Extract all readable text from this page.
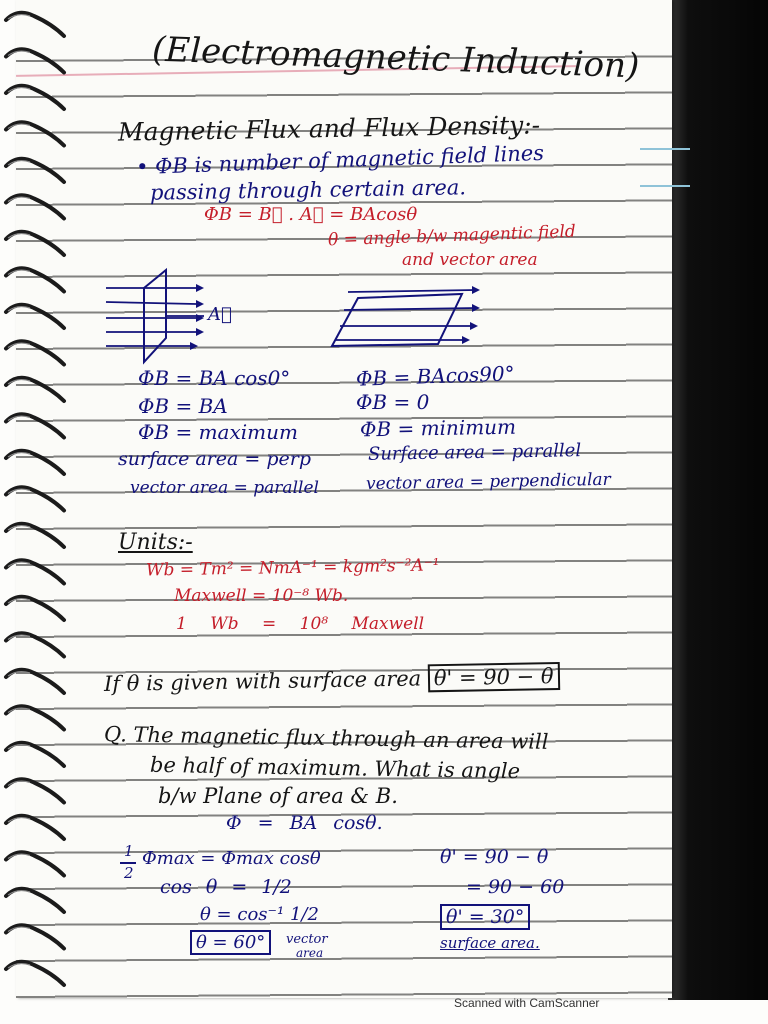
(Electromagnetic Induction)
Magnetic Flux and Flux Density:-
• ΦB is number of magnetic field lines
passing through certain area.
ΦB = B⃗ . A⃗ = BAcosθ
θ = angle b/w magentic field
and vector area
A⃗
ΦB = BA cos0°
ΦB = BA
ΦB = maximum
surface area = perp
vector area = parallel
ΦB = BAcos90°
ΦB = 0
ΦB = minimum
Surface area = parallel
vector area = perpendicular
Units:-
Wb = Tm² = NmA⁻¹ = kgm²s⁻²A⁻¹
Maxwell = 10⁻⁸ Wb.
1 Wb = 10⁸ Maxwell
If θ is given with surface area θ' = 90 − θ
Q. The magnetic flux through an area will
be half of maximum. What is angle
b/w Plane of area & B.
Φ = BA cosθ.
1
2
Φmax = Φmax cosθ
cos θ = 1/2
θ = cos⁻¹ 1/2
θ = 60°	vector
area
θ' = 90 − θ
= 90 − 60
θ' = 30°
surface area.
Scanned with CamScanner
